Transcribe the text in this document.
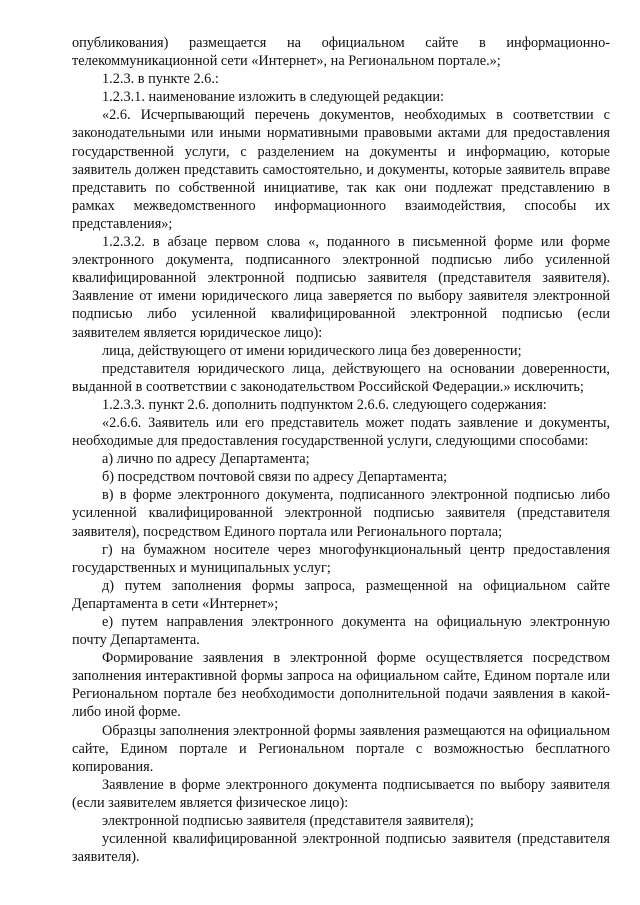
опубликования) размещается на официальном сайте в информационно-телекоммуникационной сети «Интернет», на Региональном портале.»;

1.2.3. в пункте 2.6.:

1.2.3.1. наименование изложить в следующей редакции:

«2.6. Исчерпывающий перечень документов, необходимых в соответствии с законодательными или иными нормативными правовыми актами для предоставления государственной услуги, с разделением на документы и информацию, которые заявитель должен представить самостоятельно, и документы, которые заявитель вправе представить по собственной инициативе, так как они подлежат представлению в рамках межведомственного информационного взаимодействия, способы их представления»;

1.2.3.2. в абзаце первом слова «, поданного в письменной форме или форме электронного документа, подписанного электронной подписью либо усиленной квалифицированной электронной подписью заявителя (представителя заявителя). Заявление от имени юридического лица заверяется по выбору заявителя электронной подписью либо усиленной квалифицированной электронной подписью (если заявителем является юридическое лицо):

лица, действующего от имени юридического лица без доверенности;

представителя юридического лица, действующего на основании доверенности, выданной в соответствии с законодательством Российской Федерации.» исключить;

1.2.3.3. пункт 2.6. дополнить подпунктом 2.6.6. следующего содержания:

«2.6.6. Заявитель или его представитель может подать заявление и документы, необходимые для предоставления государственной услуги, следующими способами:

а) лично по адресу Департамента;

б) посредством почтовой связи по адресу Департамента;

в) в форме электронного документа, подписанного электронной подписью либо усиленной квалифицированной электронной подписью заявителя (представителя заявителя), посредством Единого портала или Регионального портала;

г) на бумажном носителе через многофункциональный центр предоставления государственных и муниципальных услуг;

д) путем заполнения формы запроса, размещенной на официальном сайте Департамента в сети «Интернет»;

е) путем направления электронного документа на официальную электронную почту Департамента.

Формирование заявления в электронной форме осуществляется посредством заполнения интерактивной формы запроса на официальном сайте, Едином портале или Региональном портале без необходимости дополнительной подачи заявления в какой-либо иной форме.

Образцы заполнения электронной формы заявления размещаются на официальном сайте, Едином портале и Региональном портале с возможностью бесплатного копирования.

Заявление в форме электронного документа подписывается по выбору заявителя (если заявителем является физическое лицо):

электронной подписью заявителя (представителя заявителя);

усиленной квалифицированной электронной подписью заявителя (представителя заявителя).
